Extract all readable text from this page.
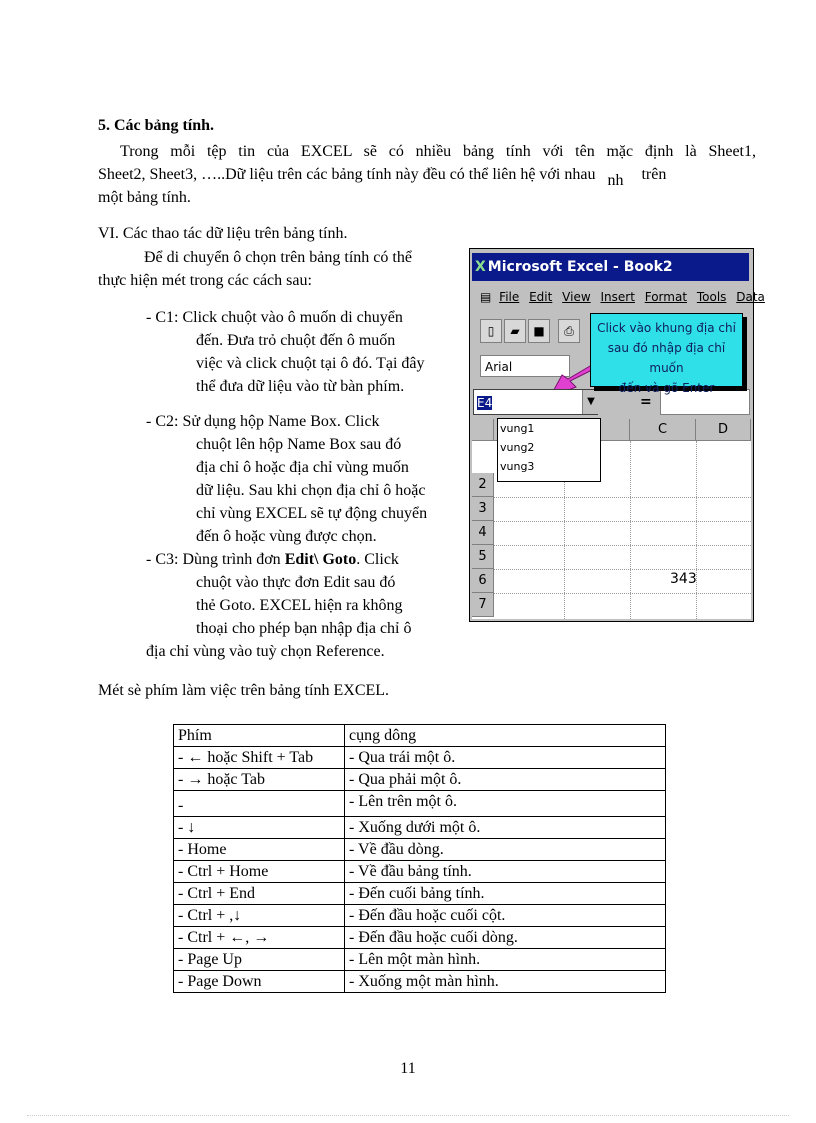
5. Các bảng tính.
Trong mỗi tệp tin của EXCEL sẽ có nhiều bảng tính với tên mặc định là Sheet1,
Sheet2, Sheet3, …..Dữ liệu trên các bảng tính này đều có thể liên hệ với nhau nh trên
một bảng tính.
VI. Các thao tác dữ liệu trên bảng tính.
Để di chuyển ô chọn trên bảng tính có thể
thực hiện mét trong các cách sau:
- C1: Click chuột vào ô muốn di chuyển
đến. Đưa trỏ chuột đến ô muốn
việc và click chuột tại ô đó. Tại đây
thể đưa dữ liệu vào từ bàn phím.
- C2: Sử dụng hộp Name Box. Click
chuột lên hộp Name Box sau đó
địa chỉ ô hoặc địa chỉ vùng muốn
dữ liệu. Sau khi chọn địa chỉ ô hoặc
chỉ vùng EXCEL sẽ tự động chuyển
đến ô hoặc vùng được chọn.
- C3: Dùng trình đơn Edit\ Goto. Click
chuột vào thực đơn Edit sau đó
thẻ Goto. EXCEL hiện ra không
thoại cho phép bạn nhập địa chỉ ô
địa chỉ vùng vào tuỳ chọn Reference.
X Microsoft Excel - Book2
▤ File Edit View Insert Format Tools Data
▯	▰	■	⎙
Arial
E4	▼	=
C	D
2
3
4
5
6
7
343
vung1
vung2
vung3
Click vào khung địa chỉ
sau đó nhập địa chỉ muốn
đến và gõ Enter
Mét sè phím làm việc trên bảng tính EXCEL.
Phím	cụng dông
- ← hoặc Shift + Tab	- Qua trái một ô.
- → hoặc Tab	- Qua phải một ô.
-	- Lên trên một ô.
- ↓	- Xuống dưới một ô.
- Home	- Về đầu dòng.
- Ctrl + Home	- Về đầu bảng tính.
- Ctrl + End	- Đến cuối bảng tính.
- Ctrl + ,↓	- Đến đầu hoặc cuối cột.
- Ctrl + ←, →	- Đến đầu hoặc cuối dòng.
- Page Up	- Lên một màn hình.
- Page Down	- Xuống một màn hình.
11
